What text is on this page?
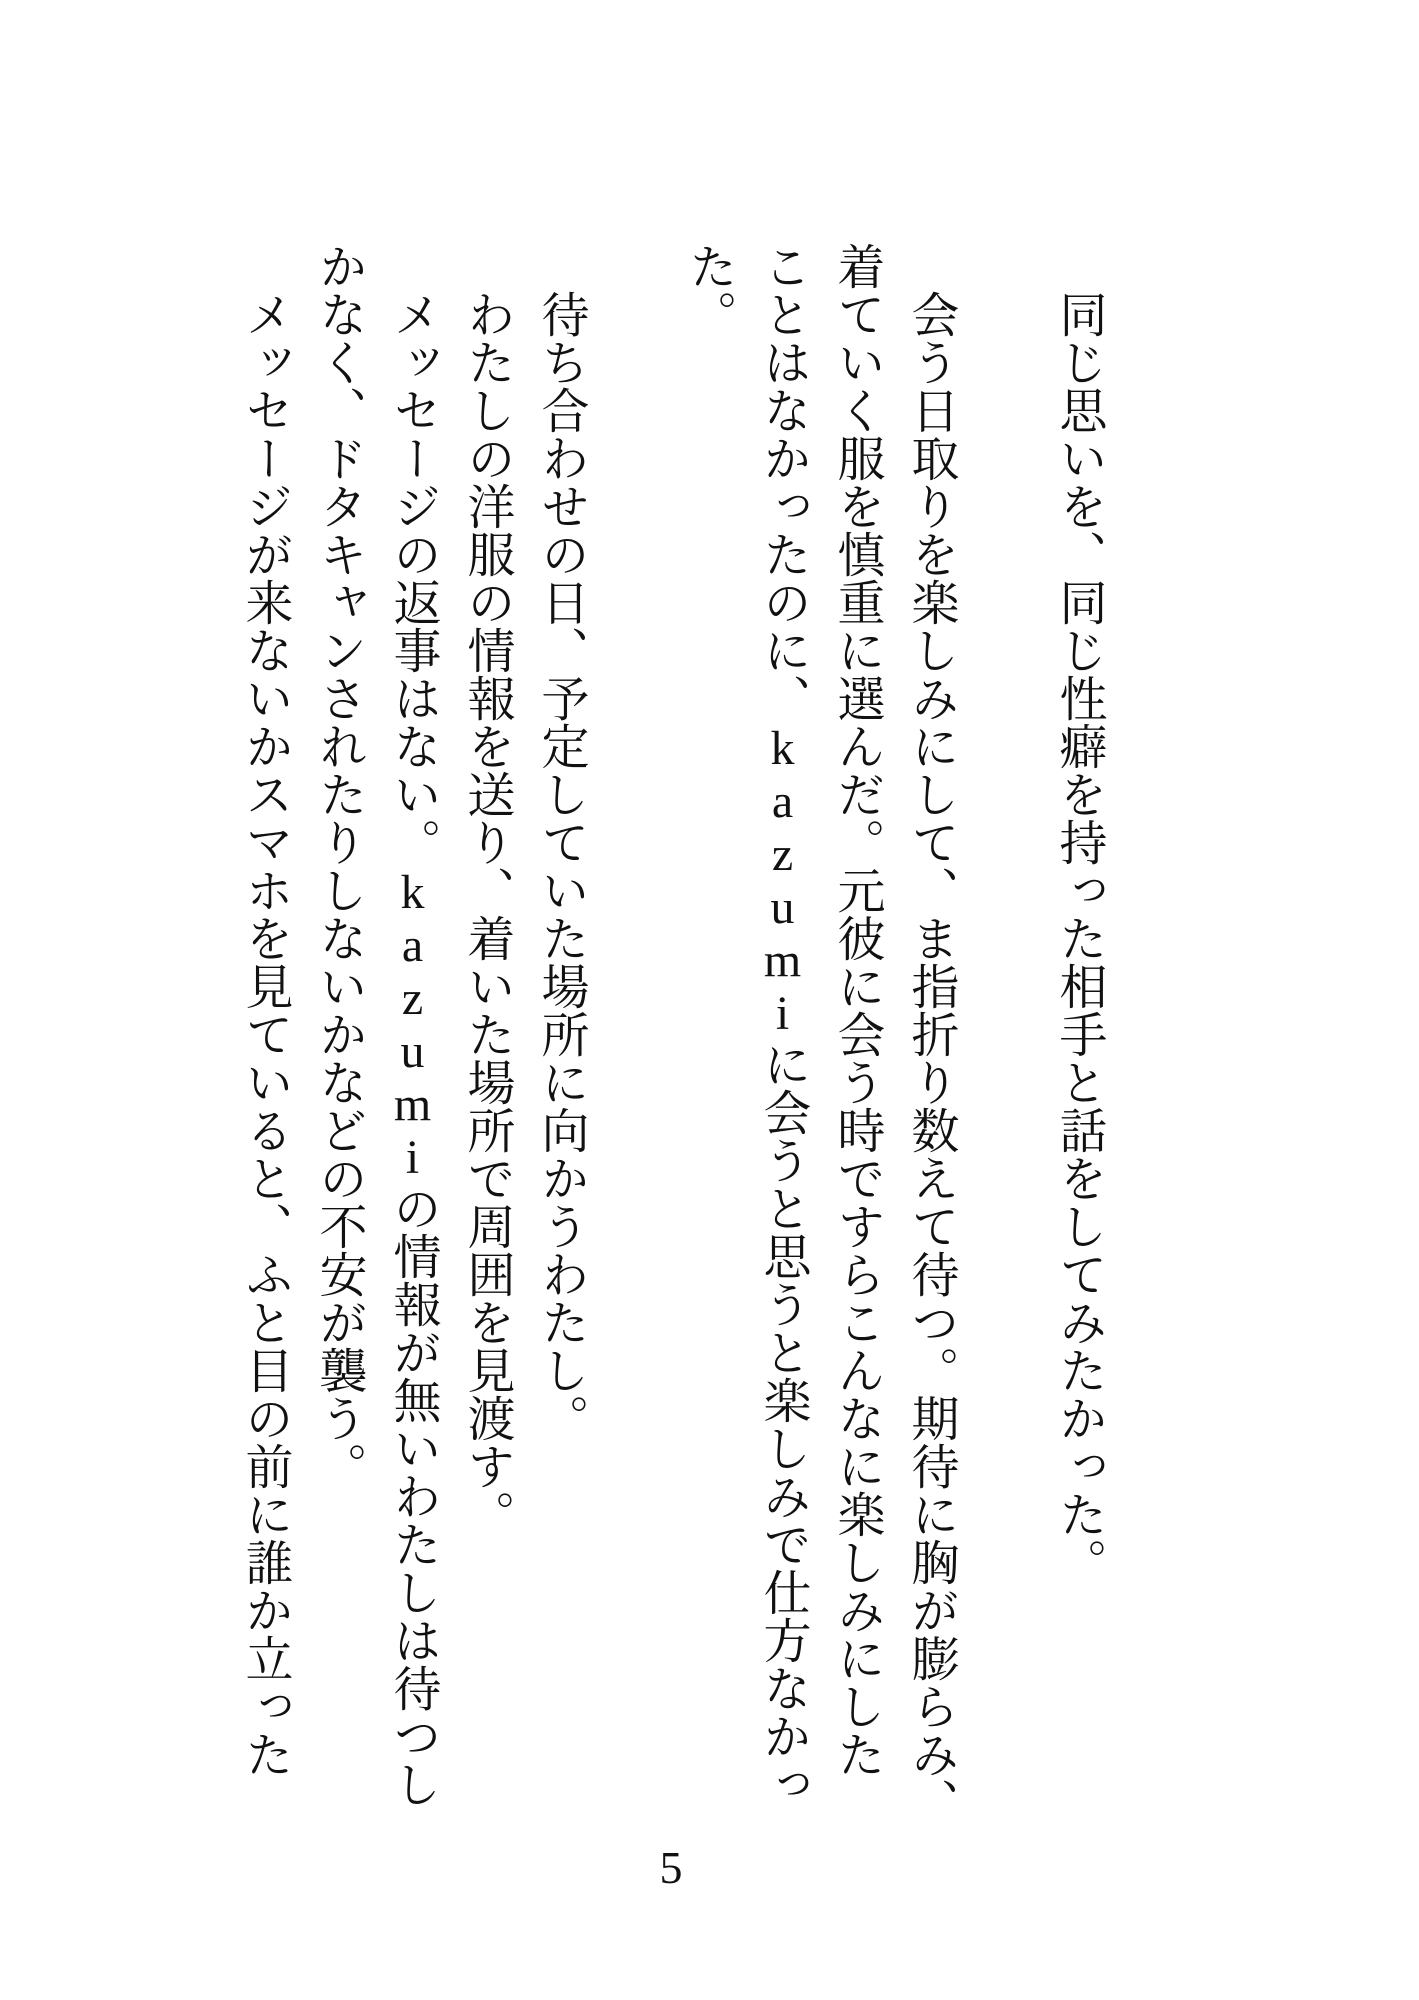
同じ思いを、同じ性癖を持った相手と話をしてみたかった。
会う日取りを楽しみにして、ま指折り数えて待つ。期待に胸が膨らみ、
着ていく服を慎重に選んだ。元彼に会う時ですらこんなに楽しみにした
ことはなかったのに、kazumiに会うと思うと楽しみで仕方なかっ
た。
待ち合わせの日、予定していた場所に向かうわたし。
わたしの洋服の情報を送り、着いた場所で周囲を見渡す。
メッセージの返事はない。kazumiの情報が無いわたしは待つし
かなく、ドタキャンされたりしないかなどの不安が襲う。
メッセージが来ないかスマホを見ていると、ふと目の前に誰か立った
5
